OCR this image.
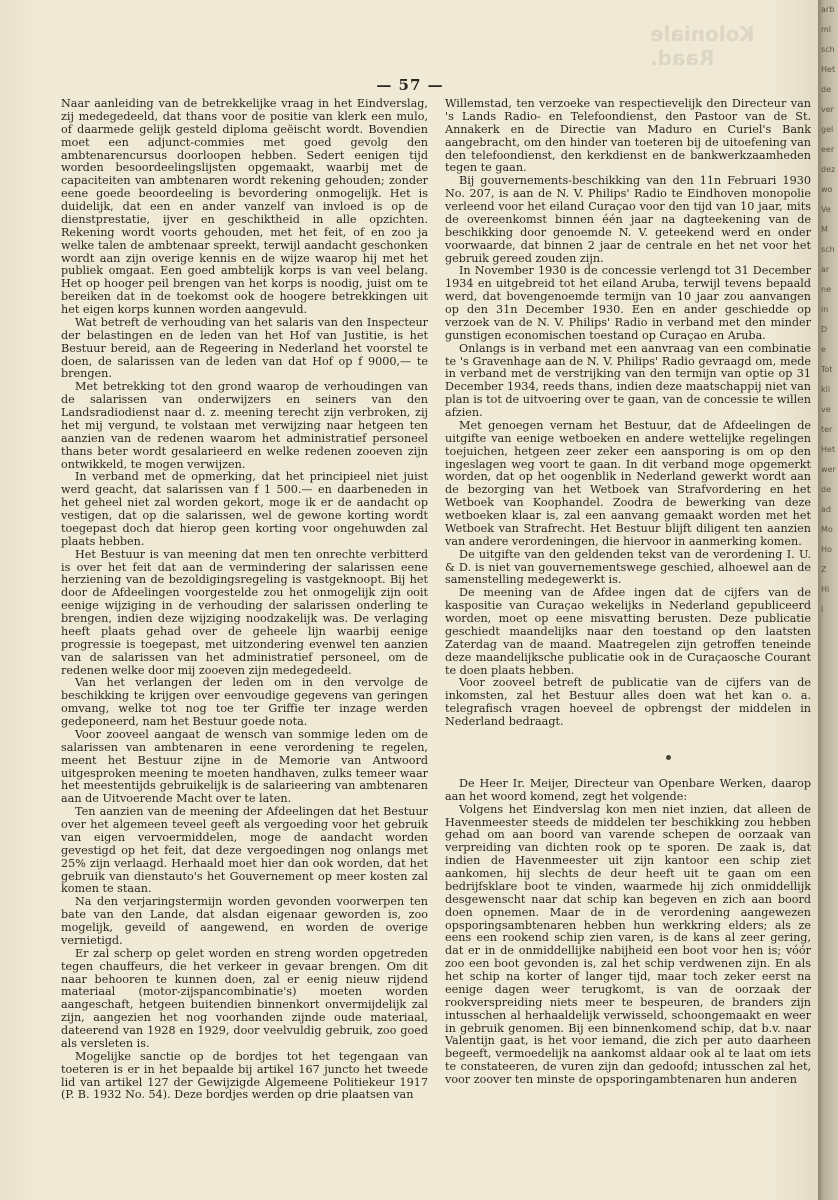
Koloniale Raad.
— 57 —

Naar aanleiding van de betrekkelijke vraag in het Eindverslag, zij medegedeeld, dat thans voor de positie van klerk een mulo, of daarmede gelijk gesteld diploma geëischt wordt. Bovendien moet een adjunct-commies met goed gevolg den ambtenarencursus doorloopen hebben. Sedert eenigen tijd worden besoordeelingslijsten opgemaakt, waarbij met de capaciteiten van ambtenaren wordt rekening gehouden; zonder eene goede beoordeeling is bevordering onmogelijk. Het is duidelijk, dat een en ander vanzelf van invloed is op de dienstprestatie, ijver en geschiktheid in alle opzichten. Rekening wordt voorts gehouden, met het feit, of en zoo ja welke talen de ambtenaar spreekt, terwijl aandacht geschonken wordt aan zijn overige kennis en de wijze waarop hij met het publiek omgaat. Een goed ambtelijk korps is van veel belang. Het op hooger peil brengen van het korps is noodig, juist om te bereiken dat in de toekomst ook de hoogere betrekkingen uit het eigen korps kunnen worden aangevuld.

Wat betreft de verhouding van het salaris van den Inspecteur der belastingen en de leden van het Hof van Justitie, is het Bestuur bereid, aan de Regeering in Nederland het voorstel te doen, de salarissen van de leden van dat Hof op f 9000,— te brengen.

Met betrekking tot den grond waarop de verhoudingen van de salarissen van onderwijzers en seiners van den Landsradiodienst naar d. z. meening terecht zijn verbroken, zij het mij vergund, te volstaan met verwijzing naar hetgeen ten aanzien van de redenen waarom het administratief personeel thans beter wordt gesalarieerd en welke redenen zooeven zijn ontwikkeld, te mogen verwijzen.

In verband met de opmerking, dat het principieel niet juist werd geacht, dat salarissen van f 1 500.— en daarbeneden in het geheel niet zal worden gekort, moge ik er de aandacht op vestigen, dat op die salarissen, wel de gewone korting wordt toegepast doch dat hierop geen korting voor ongehuwden zal plaats hebben.

Het Bestuur is van meening dat men ten onrechte verbitterd is over het feit dat aan de vermindering der salarissen eene herziening van de bezoldigingsregeling is vastgeknoopt. Bij het door de Afdeelingen voorgestelde zou het onmogelijk zijn ooit eenige wijziging in de verhouding der salarissen onderling te brengen, indien deze wijziging noodzakelijk was. De verlaging heeft plaats gehad over de geheele lijn waarbij eenige progressie is toegepast, met uitzondering evenwel ten aanzien van de salarissen van het administratief personeel, om de redenen welke door mij zooeven zijn medegedeeld.

Van het verlangen der leden om in den vervolge de beschikking te krijgen over eenvoudige gegevens van geringen omvang, welke tot nog toe ter Griffie ter inzage werden gedeponeerd, nam het Bestuur goede nota.

Voor zooveel aangaat de wensch van sommige leden om de salarissen van ambtenaren in eene verordening te regelen, meent het Bestuur zijne in de Memorie van Antwoord uitgesproken meening te moeten handhaven, zulks temeer waar het meestentijds gebruikelijk is de salarieering van ambtenaren aan de Uitvoerende Macht over te laten.

Ten aanzien van de meening der Afdeelingen dat het Bestuur over het algemeen teveel geeft als vergoeding voor het gebruik van eigen vervoermiddelen, moge de aandacht worden gevestigd op het feit, dat deze vergoedingen nog onlangs met 25% zijn verlaagd. Herhaald moet hier dan ook worden, dat het gebruik van dienstauto's het Gouvernement op meer kosten zal komen te staan.

Na den verjaringstermijn worden gevonden voorwerpen ten bate van den Lande, dat alsdan eigenaar geworden is, zoo mogelijk, geveild of aangewend, en worden de overige vernietigd.

Er zal scherp op gelet worden en streng worden opgetreden tegen chauffeurs, die het verkeer in gevaar brengen. Om dit naar behooren te kunnen doen, zal er eenig nieuw rijdend materiaal (motor-zijspancombinatie's) moeten worden aangeschaft, hetgeen buitendien binnenkort onvermijdelijk zal zijn, aangezien het nog voorhanden zijnde oude materiaal, dateerend van 1928 en 1929, door veelvuldig gebruik, zoo goed als versleten is.

Mogelijke sanctie op de bordjes tot het tegengaan van toeteren is er in het bepaalde bij artikel 167 juncto het tweede lid van artikel 127 der Gewijzigde Algemeene Politiekeur 1917 (P. B. 1932 No. 54). Deze bordjes werden op drie plaatsen van

Willemstad, ten verzoeke van respectievelijk den Directeur van 's Lands Radio- en Telefoondienst, den Pastoor van de St. Annakerk en de Directie van Maduro en Curiel's Bank aangebracht, om den hinder van toeteren bij de uitoefening van den telefoondienst, den kerkdienst en de bankwerkzaamheden tegen te gaan.

Bij gouvernements-beschikking van den 11n Februari 1930 No. 207, is aan de N. V. Philips' Radio te Eindhoven monopolie verleend voor het eiland Curaçao voor den tijd van 10 jaar, mits de overeenkomst binnen één jaar na dagteekening van de beschikking door genoemde N. V. geteekend werd en onder voorwaarde, dat binnen 2 jaar de centrale en het net voor het gebruik gereed zouden zijn.

In November 1930 is de concessie verlengd tot 31 December 1934 en uitgebreid tot het eiland Aruba, terwijl tevens bepaald werd, dat bovengenoemde termijn van 10 jaar zou aanvangen op den 31n December 1930. Een en ander geschiedde op verzoek van de N. V. Philips' Radio in verband met den minder gunstigen economischen toestand op Curaçao en Aruba.

Onlangs is in verband met een aanvraag van een combinatie te 's Gravenhage aan de N. V. Philips' Radio gevraagd om, mede in verband met de verstrijking van den termijn van optie op 31 December 1934, reeds thans, indien deze maatschappij niet van plan is tot de uitvoering over te gaan, van de concessie te willen afzien.

Met genoegen vernam het Bestuur, dat de Afdeelingen de uitgifte van eenige wetboeken en andere wettelijke regelingen toejuichen, hetgeen zeer zeker een aansporing is om op den ingeslagen weg voort te gaan. In dit verband moge opgemerkt worden, dat op het oogenblik in Nederland gewerkt wordt aan de bezorging van het Wetboek van Strafvordering en het Wetboek van Koophandel. Zoodra de bewerking van deze wetboeken klaar is, zal een aanvang gemaakt worden met het Wetboek van Strafrecht. Het Bestuur blijft diligent ten aanzien van andere verordeningen, die hiervoor in aanmerking komen.

De uitgifte van den geldenden tekst van de verordening I. U. & D. is niet van gouvernementswege geschied, alhoewel aan de samenstelling medegewerkt is.

De meening van de Afdee ingen dat de cijfers van de kaspositie van Curaçao wekelijks in Nederland gepubliceerd worden, moet op eene misvatting berusten. Deze publicatie geschiedt maandelijks naar den toestand op den laatsten Zaterdag van de maand. Maatregelen zijn getroffen teneinde deze maandelijksche publicatie ook in de Curaçaosche Courant te doen plaats hebben.

Voor zooveel betreft de publicatie van de cijfers van de inkomsten, zal het Bestuur alles doen wat het kan o. a. telegrafisch vragen hoeveel de opbrengst der middelen in Nederland bedraagt.

De Heer Ir. Meijer, Directeur van Openbare Werken, daarop aan het woord komend, zegt het volgende:

Volgens het Eindverslag kon men niet inzien, dat alleen de Havenmeester steeds de middelen ter beschikking zou hebben gehad om aan boord van varende schepen de oorzaak van verpreiding van dichten rook op te sporen. De zaak is, dat indien de Havenmeester uit zijn kantoor een schip ziet aankomen, hij slechts de deur heeft uit te gaan om een bedrijfsklare boot te vinden, waarmede hij zich onmiddellijk desgewenscht naar dat schip kan begeven en zich aan boord doen opnemen. Maar de in de verordening aangewezen opsporingsambtenaren hebben hun werkkring elders; als ze eens een rookend schip zien varen, is de kans al zeer gering, dat er in de onmiddellijke nabijheid een boot voor hen is; vóór zoo een boot gevonden is, zal het schip verdwenen zijn. En als het schip na korter of langer tijd, maar toch zeker eerst na eenige dagen weer terugkomt, is van de oorzaak der rookverspreiding niets meer te bespeuren, de branders zijn intusschen al herhaaldelijk verwisseld, schoongemaakt en weer in gebruik genomen. Bij een binnenkomend schip, dat b.v. naar Valentijn gaat, is het voor iemand, die zich per auto daarheen begeeft, vermoedelijk na aankomst aldaar ook al te laat om iets te constateeren, de vuren zijn dan gedoofd; intusschen zal het, voor zoover ten minste de opsporingambtenaren hun anderen

arb
ml
sch
Het
de
ver
gel
eer
dez
wo
Ve
M
sch
ar
ne
in
D
e
Tot
kli
ve
ter
Het
wer
de
ad
Mo
Ho
Z
Hi
l
